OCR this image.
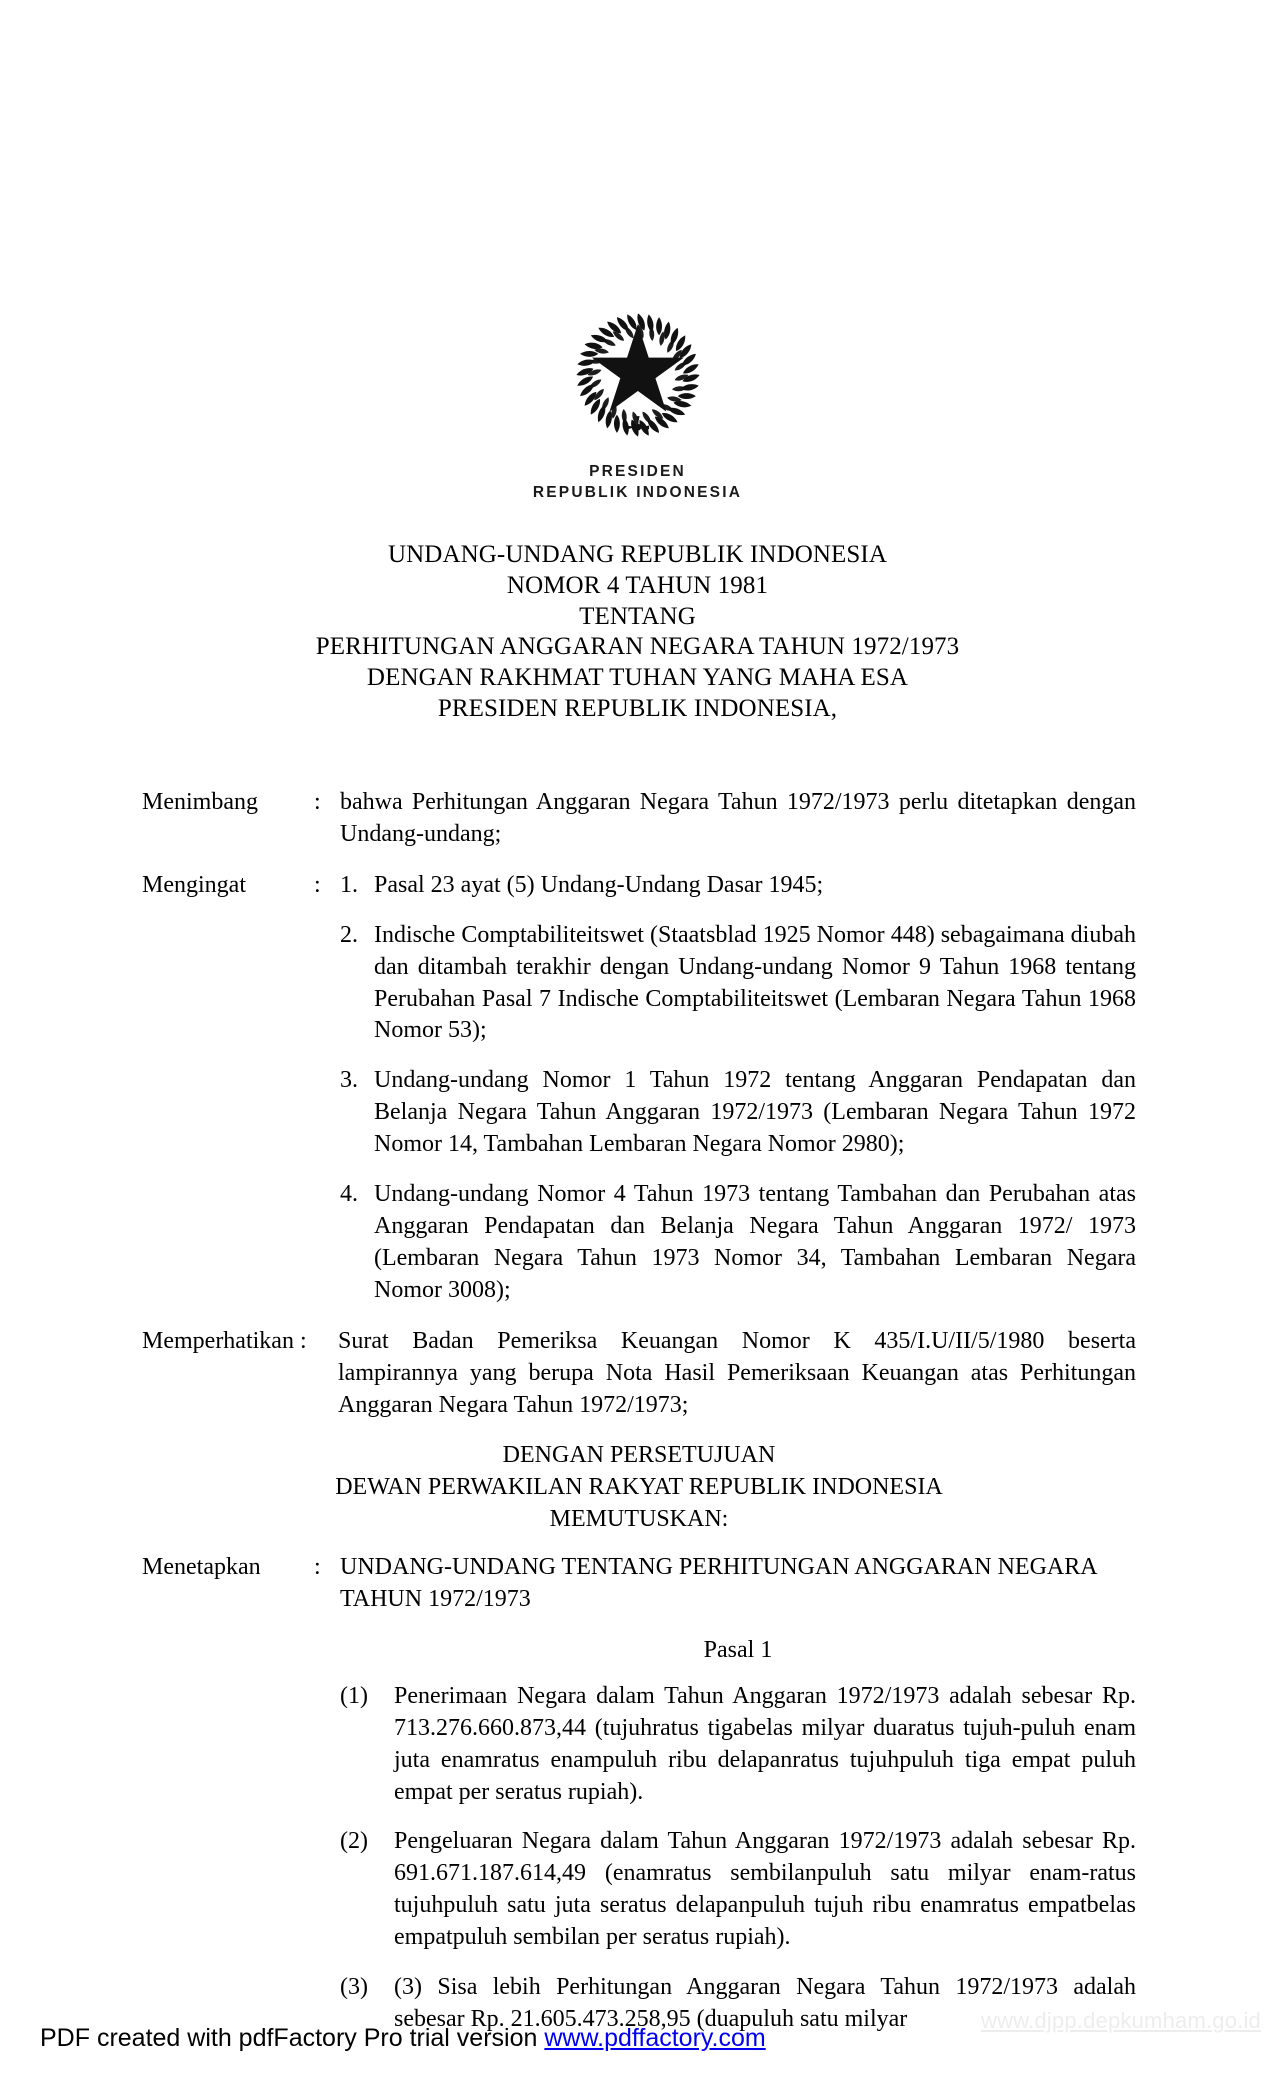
PRESIDEN
REPUBLIK INDONESIA
UNDANG-UNDANG REPUBLIK INDONESIA
NOMOR 4 TAHUN 1981
TENTANG
PERHITUNGAN ANGGARAN NEGARA TAHUN 1972/1973
DENGAN RAKHMAT TUHAN YANG MAHA ESA
PRESIDEN REPUBLIK INDONESIA,
Menimbang	: bahwa Perhitungan Anggaran Negara Tahun 1972/1973 perlu ditetapkan dengan Undang-undang;
Mengingat	: 1. Pasal 23 ayat (5) Undang-Undang Dasar 1945;
2. Indische Comptabiliteitswet (Staatsblad 1925 Nomor 448) sebagaimana diubah dan ditambah terakhir dengan Undang-undang Nomor 9 Tahun 1968 tentang Perubahan Pasal 7 Indische Comptabiliteitswet (Lembaran Negara Tahun 1968 Nomor 53);
3. Undang-undang Nomor 1 Tahun 1972 tentang Anggaran Pendapatan dan Belanja Negara Tahun Anggaran 1972/1973 (Lembaran Negara Tahun 1972 Nomor 14, Tambahan Lembaran Negara Nomor 2980);
4. Undang-undang Nomor 4 Tahun 1973 tentang Tambahan dan Perubahan atas Anggaran Pendapatan dan Belanja Negara Tahun Anggaran 1972/ 1973 (Lembaran Negara Tahun 1973 Nomor 34, Tambahan Lembaran Negara Nomor 3008);
Memperhatikan :	Surat Badan Pemeriksa Keuangan Nomor K 435/I.U/II/5/1980 beserta lampirannya yang berupa Nota Hasil Pemeriksaan Keuangan atas Perhitungan Anggaran Negara Tahun 1972/1973;
DENGAN PERSETUJUAN
DEWAN PERWAKILAN RAKYAT REPUBLIK INDONESIA
MEMUTUSKAN:
Menetapkan	: UNDANG-UNDANG TENTANG PERHITUNGAN ANGGARAN NEGARA TAHUN 1972/1973
Pasal 1
(1)	Penerimaan Negara dalam Tahun Anggaran 1972/1973 adalah sebesar Rp. 713.276.660.873,44 (tujuhratus tigabelas milyar duaratus tujuh-puluh enam juta enamratus enampuluh ribu delapanratus tujuhpuluh tiga empat puluh empat per seratus rupiah).
(2)	Pengeluaran Negara dalam Tahun Anggaran 1972/1973 adalah sebesar Rp. 691.671.187.614,49 (enamratus sembilanpuluh satu milyar enam-ratus tujuhpuluh satu juta seratus delapanpuluh tujuh ribu enamratus empatbelas empatpuluh sembilan per seratus rupiah).
(3)	(3) Sisa lebih Perhitungan Anggaran Negara Tahun 1972/1973 adalah sebesar Rp. 21.605.473.258,95 (duapuluh satu milyar
PDF created with pdfFactory Pro trial version www.pdffactory.com
www.djpp.depkumham.go.id
